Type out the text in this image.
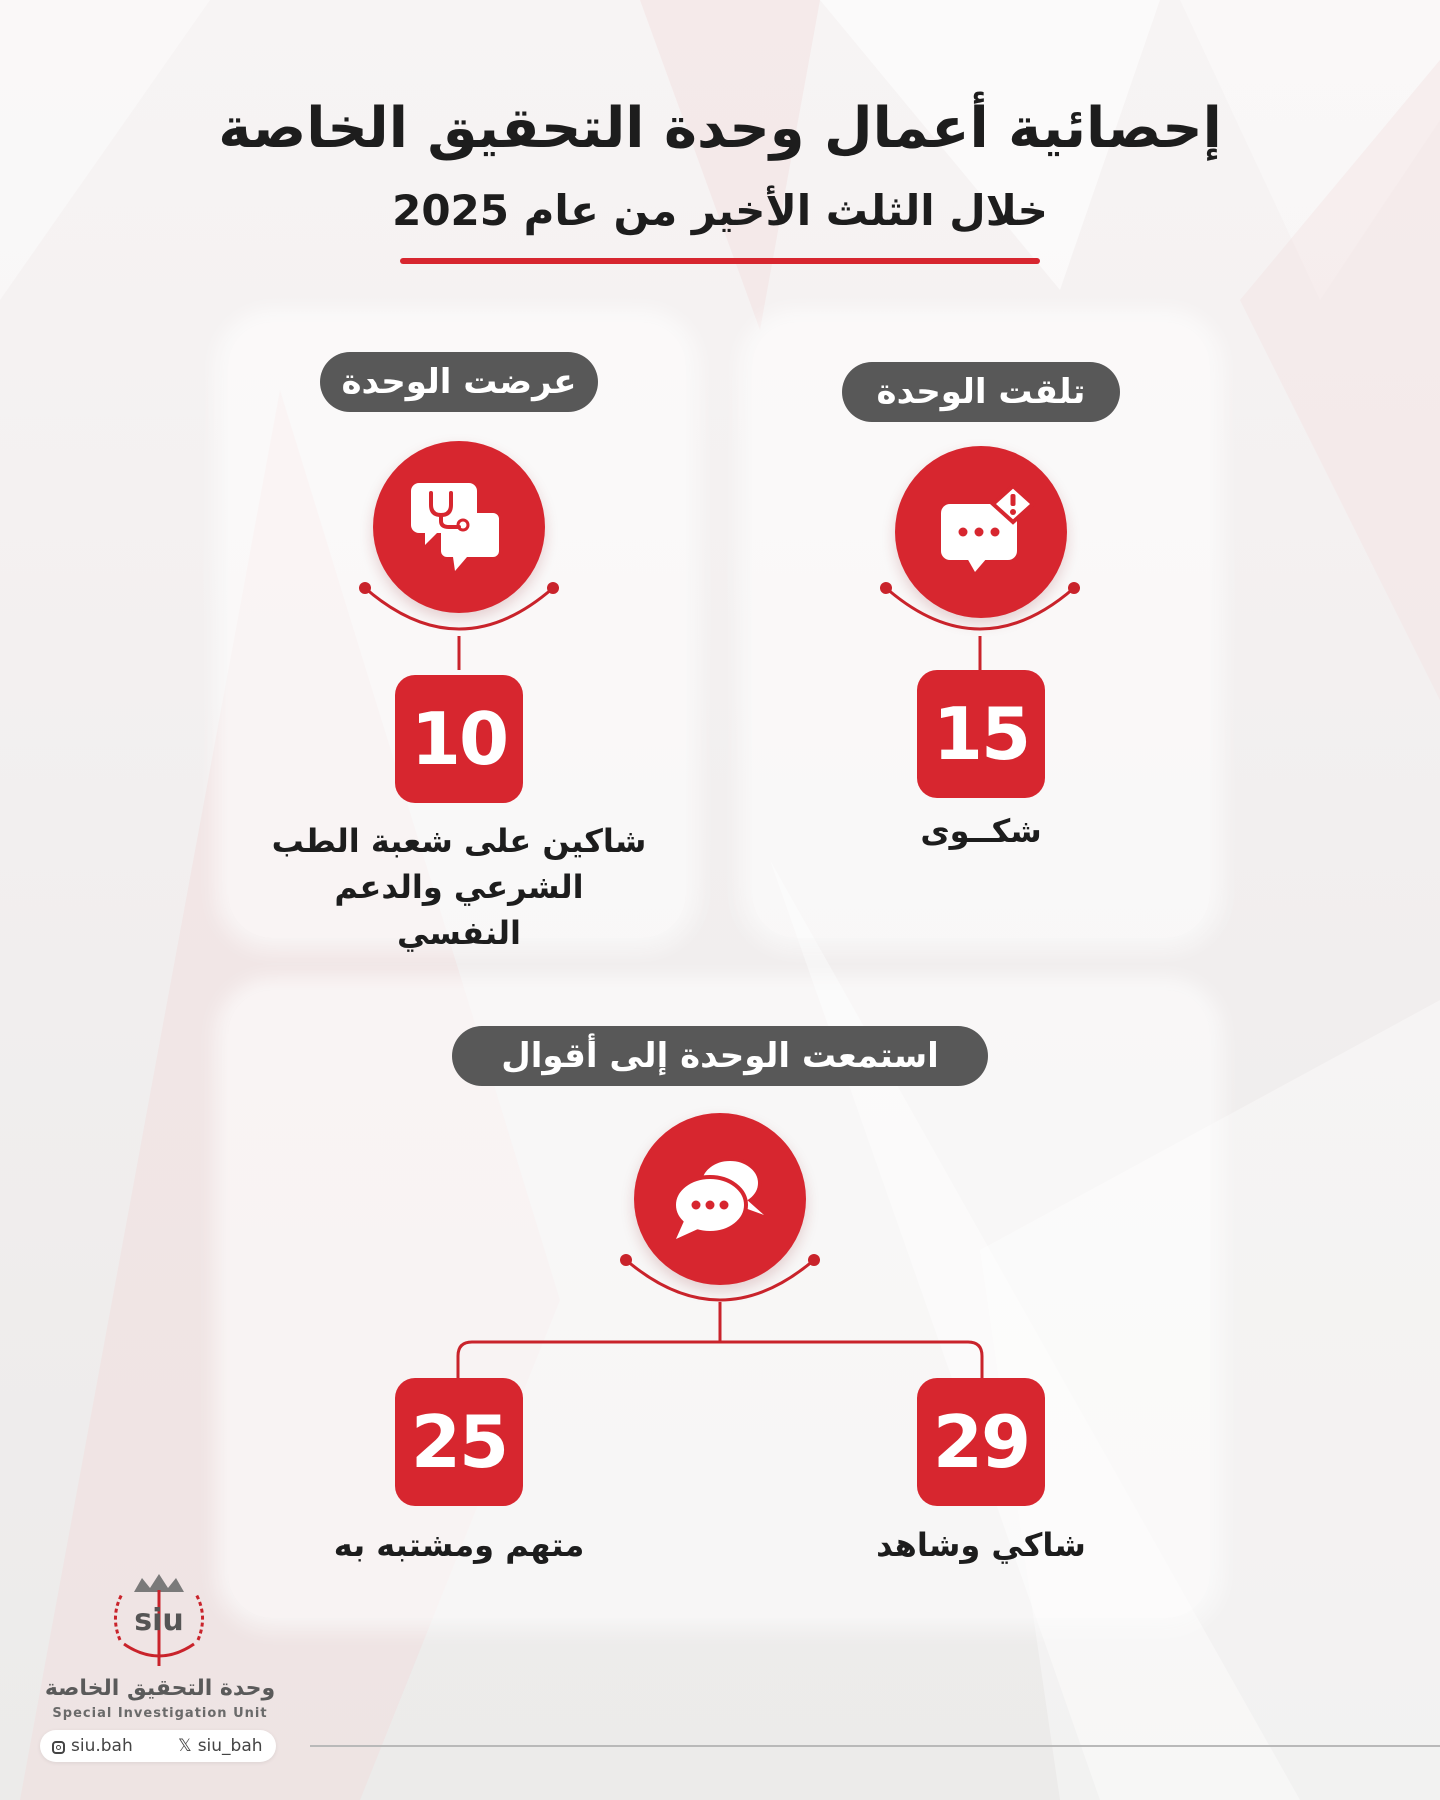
إحصائية أعمال وحدة التحقيق الخاصة
خلال الثلث الأخير من عام 2025
تلقت الوحدة
15
شكــوى
عرضت الوحدة
10
شاكين على شعبة الطب
الشرعي والدعم النفسي
استمعت الوحدة إلى أقوال
29
شاكي وشاهد
25
متهم ومشتبه به
siu
وحدة التحقيق الخاصة
Special Investigation Unit
siu.bah	𝕏 siu_bah
